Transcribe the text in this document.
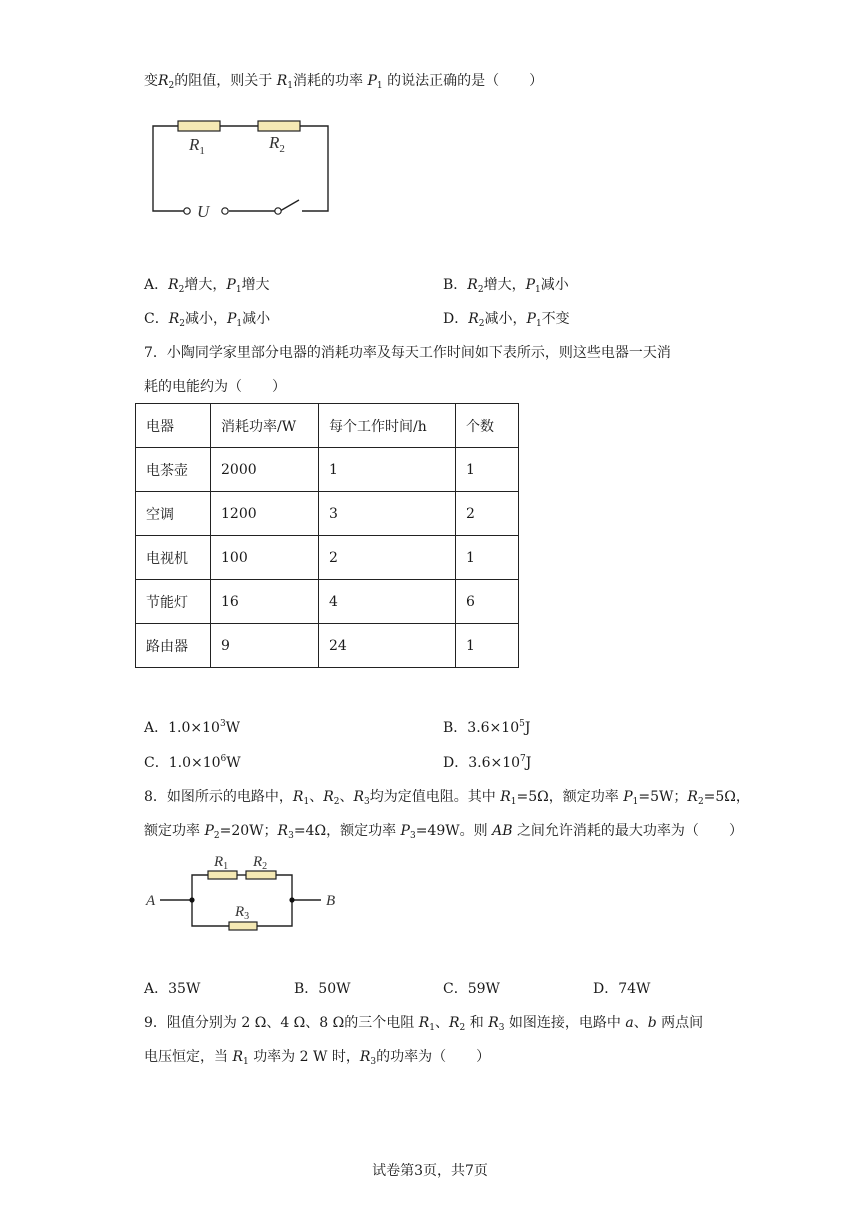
变$R_2$的阻值，则关于 $R_1$消耗的功率 $P_1$ 的说法正确的是（ ）
$R_1$	$R_2$
U
A．$R_2$增大，$P_1$增大	B．$R_2$增大，$P_1$减小
C．$R_2$减小，$P_1$减小	D．$R_2$减小，$P_1$不变
7．小陶同学家里部分电器的消耗功率及每天工作时间如下表所示，则这些电器一天消
耗的电能约为（ ）
电器	消耗功率/W	每个工作时间/h	个数
电茶壶	2000	1	1
空调	1200	3	2
电视机	100	2	1
节能灯	16	4	6
路由器	9	24	1
A．$1.0\times 10^3W$	B．$3.6\times 10^5J$
C．$1.0\times 10^6W$	D．$3.6\times 10^7J$
8．如图所示的电路中，$R_1$、$R_2$、$R_3$均为定值电阻。其中 $R_1=5\Omega$，额定功率 $P_1=5W$；$R_2=5\Omega$，
额定功率 $P_2=20W$；$R_3=4\Omega$，额定功率 $P_3=49W$。则 AB 之间允许消耗的最大功率为（ ）
A	B
$R_1$ $R_2$
$R_3$
A．35W	B．50W	C．59W	D．74W
9．阻值分别为 2 Ω、4 Ω、8 Ω的三个电阻 $R_1$、$R_2$ 和 $R_3$ 如图连接，电路中 a、b 两点间
电压恒定，当 $R_1$ 功率为 2 W 时，$R_3$的功率为（ ）
试卷第3页，共7页
